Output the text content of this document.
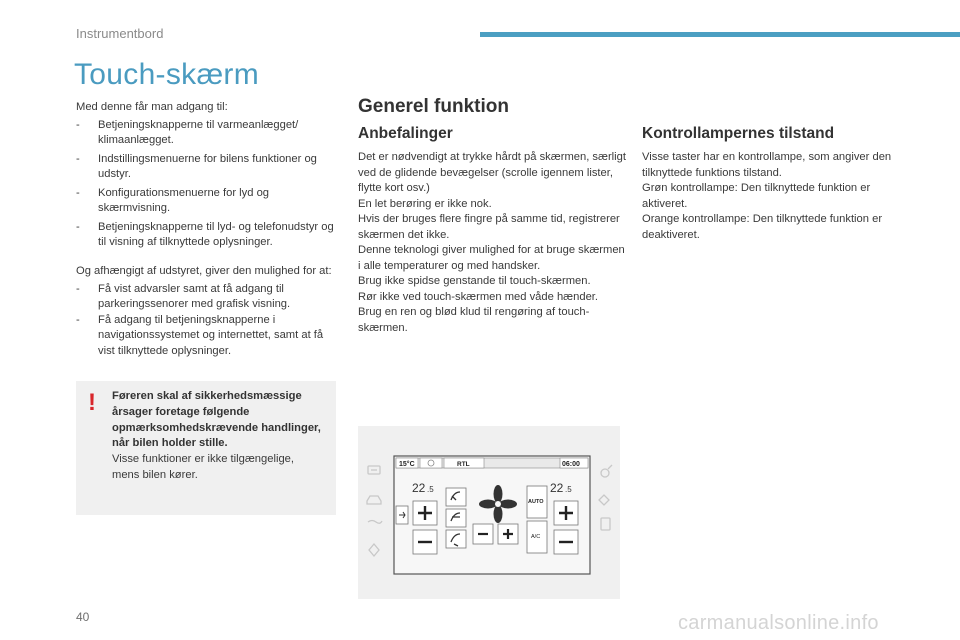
Instrumentbord
Touch-skærm
Med denne får man adgang til:
- Betjeningsknapperne til varmeanlægget/ klimaanlægget.
- Indstillingsmenuerne for bilens funktioner og udstyr.
- Konfigurationsmenuerne for lyd og skærmvisning.
- Betjeningsknapperne til lyd- og telefonudstyr og til visning af tilknyttede oplysninger.
Og afhængigt af udstyret, giver den mulighed for at:
- Få vist advarsler samt at få adgang til parkeringssenorer med grafisk visning.
- Få adgang til betjeningsknapperne i navigationssystemet og internettet, samt at få vist tilknyttede oplysninger.
! Føreren skal af sikkerhedsmæssige årsager foretage følgende opmærksomhedskrævende handlinger, når bilen holder stille.
Visse funktioner er ikke tilgængelige, mens bilen kører.
Generel funktion
Anbefalinger
Det er nødvendigt at trykke hårdt på skærmen, særligt ved de glidende bevægelser (scrolle igennem lister, flytte kort osv.)
En let berøring er ikke nok.
Hvis der bruges flere fingre på samme tid, registrerer skærmen det ikke.
Denne teknologi giver mulighed for at bruge skærmen i alle temperaturer og med handsker.
Brug ikke spidse genstande til touch-skærmen.
Rør ikke ved touch-skærmen med våde hænder.
Brug en ren og blød klud til rengøring af touch-skærmen.
Kontrollampernes tilstand
Visse taster har en kontrollampe, som angiver den tilknyttede funktions tilstand.
Grøn kontrollampe: Den tilknyttede funktion er aktiveret.
Orange kontrollampe: Den tilknyttede funktion er deaktiveret.
15°C	RTL	06:00
22 .5	22 .5
AUTO
A/C
40	carmanualsonline.info
